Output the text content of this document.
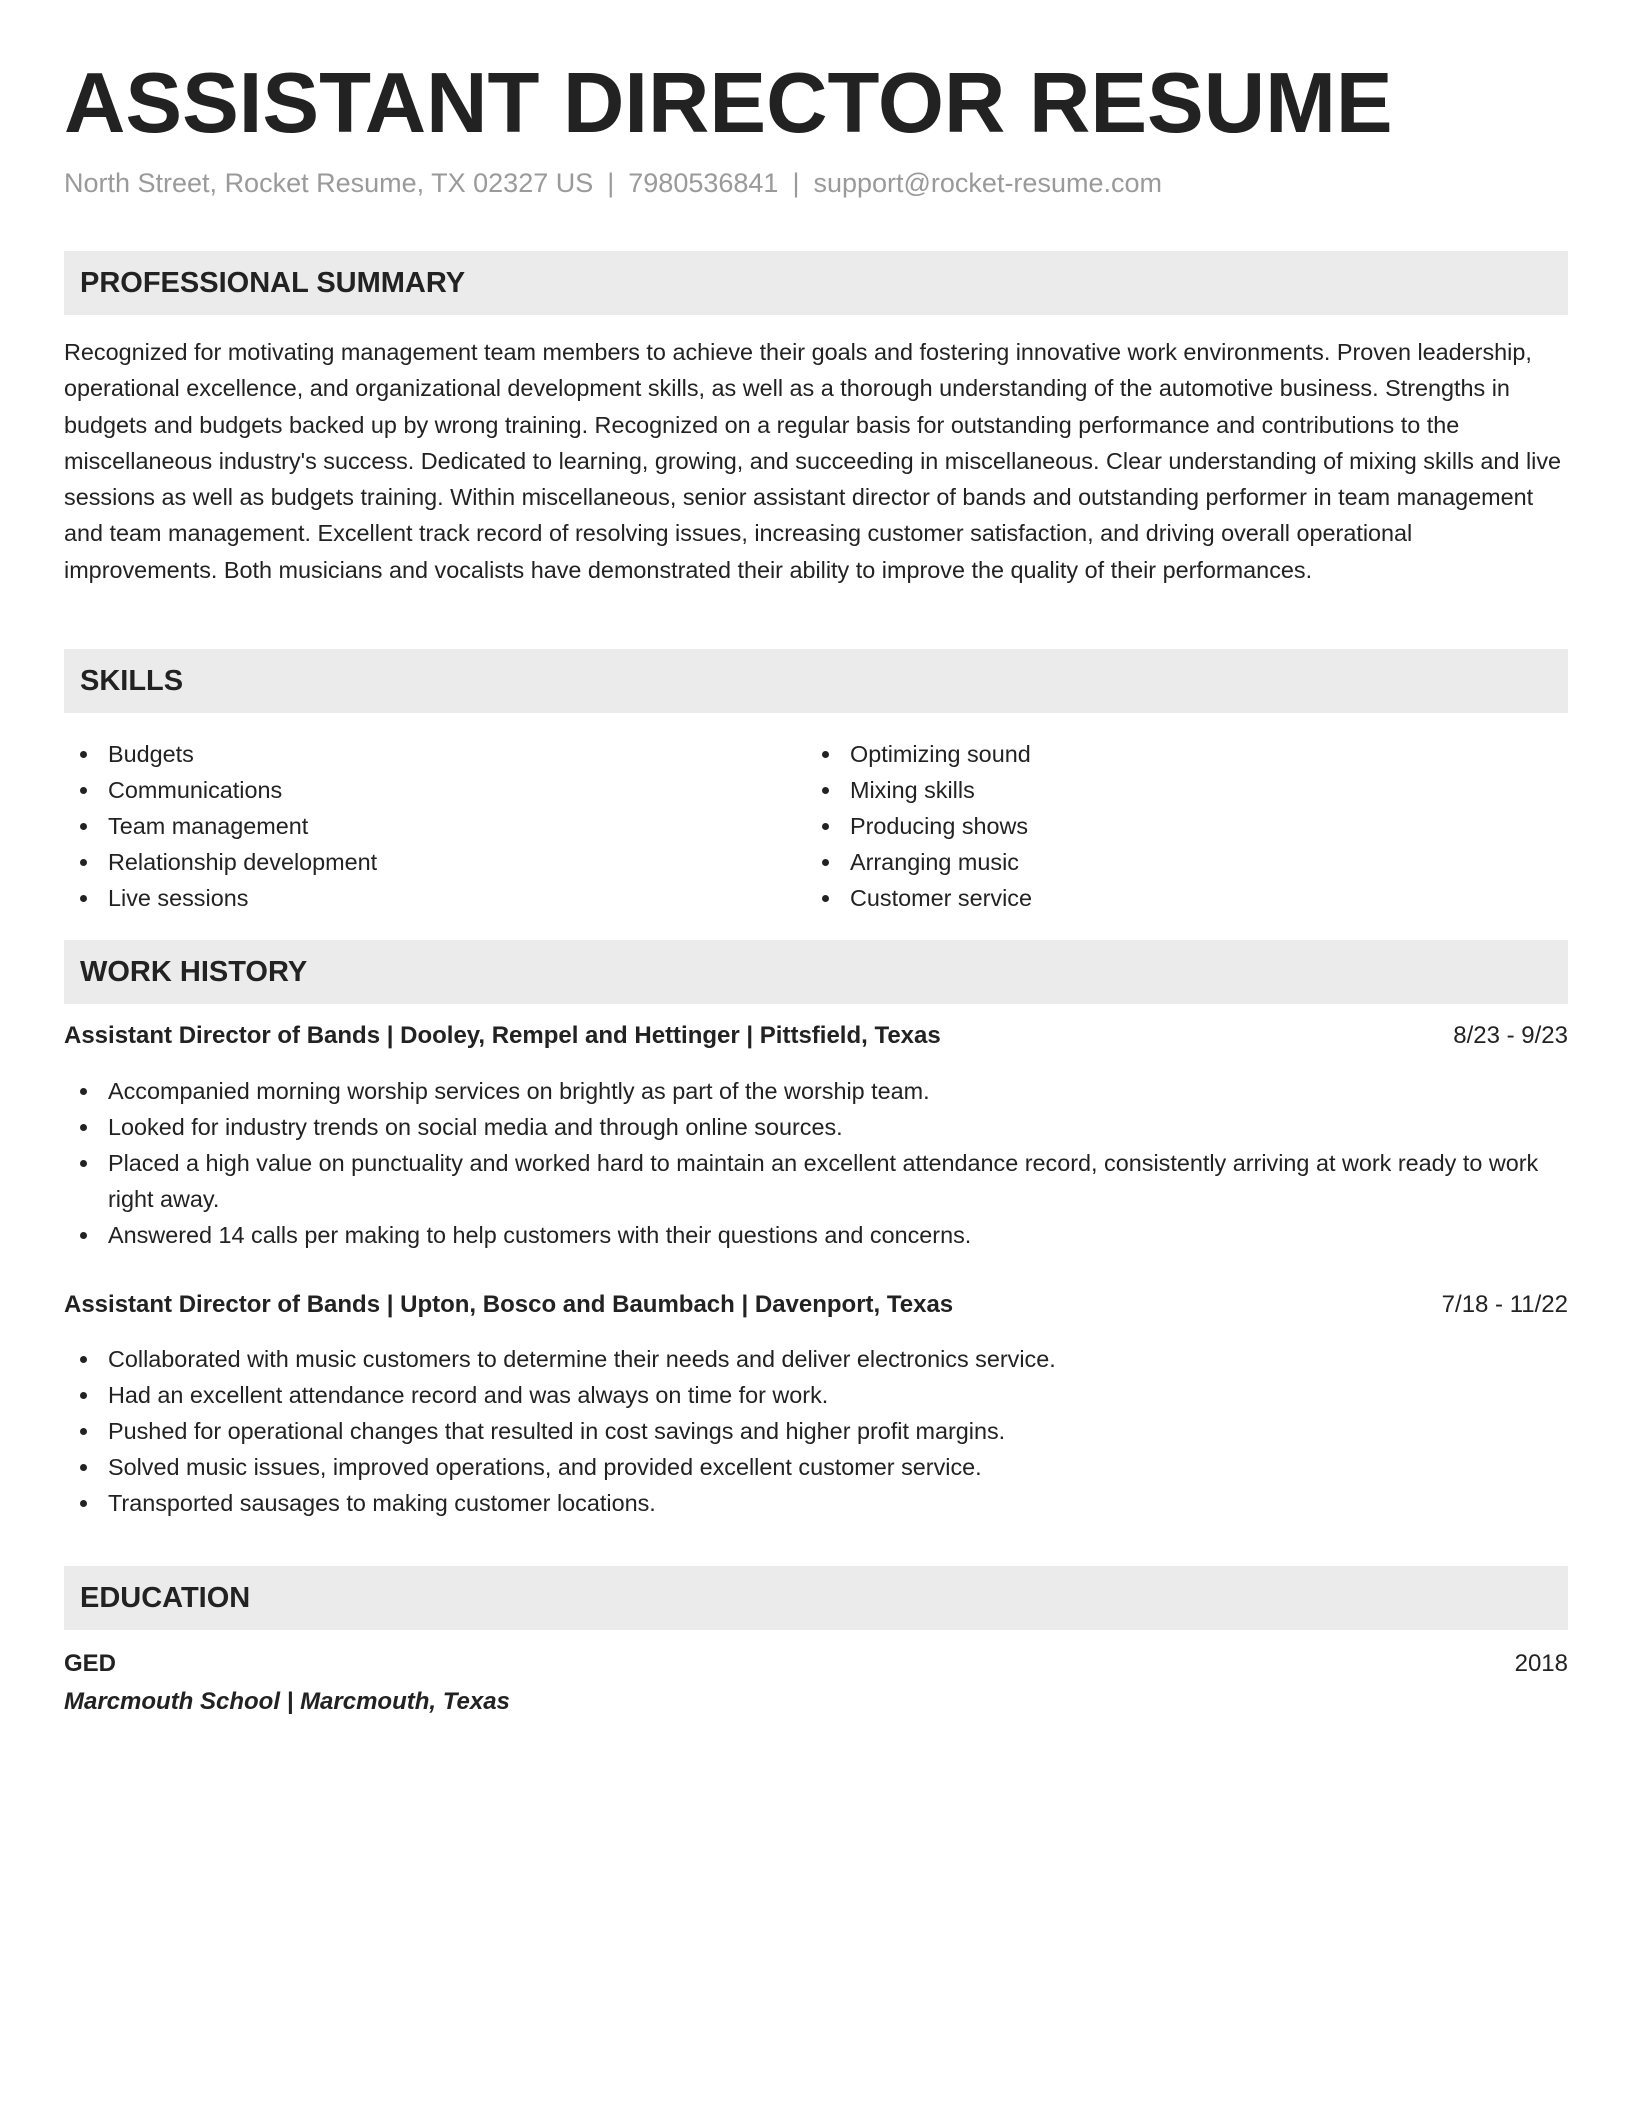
ASSISTANT DIRECTOR RESUME
North Street, Rocket Resume, TX 02327 US | 7980536841 | support@rocket-resume.com
PROFESSIONAL SUMMARY

Recognized for motivating management team members to achieve their goals and fostering innovative work environments. Proven leadership, operational excellence, and organizational development skills, as well as a thorough understanding of the automotive business. Strengths in budgets and budgets backed up by wrong training. Recognized on a regular basis for outstanding performance and contributions to the miscellaneous industry's success. Dedicated to learning, growing, and succeeding in miscellaneous. Clear understanding of mixing skills and live sessions as well as budgets training. Within miscellaneous, senior assistant director of bands and outstanding performer in team management and team management. Excellent track record of resolving issues, increasing customer satisfaction, and driving overall operational improvements. Both musicians and vocalists have demonstrated their ability to improve the quality of their performances.

SKILLS
Budgets
Communications
Team management
Relationship development
Live sessions
Optimizing sound
Mixing skills
Producing shows
Arranging music
Customer service
WORK HISTORY
Assistant Director of Bands | Dooley, Rempel and Hettinger | Pittsfield, Texas	8/23 - 9/23
Accompanied morning worship services on brightly as part of the worship team.
Looked for industry trends on social media and through online sources.
Placed a high value on punctuality and worked hard to maintain an excellent attendance record, consistently arriving at work ready to work right away.
Answered 14 calls per making to help customers with their questions and concerns.
Assistant Director of Bands | Upton, Bosco and Baumbach | Davenport, Texas	7/18 - 11/22
Collaborated with music customers to determine their needs and deliver electronics service.
Had an excellent attendance record and was always on time for work.
Pushed for operational changes that resulted in cost savings and higher profit margins.
Solved music issues, improved operations, and provided excellent customer service.
Transported sausages to making customer locations.
EDUCATION
GED	2018
Marcmouth School | Marcmouth, Texas
